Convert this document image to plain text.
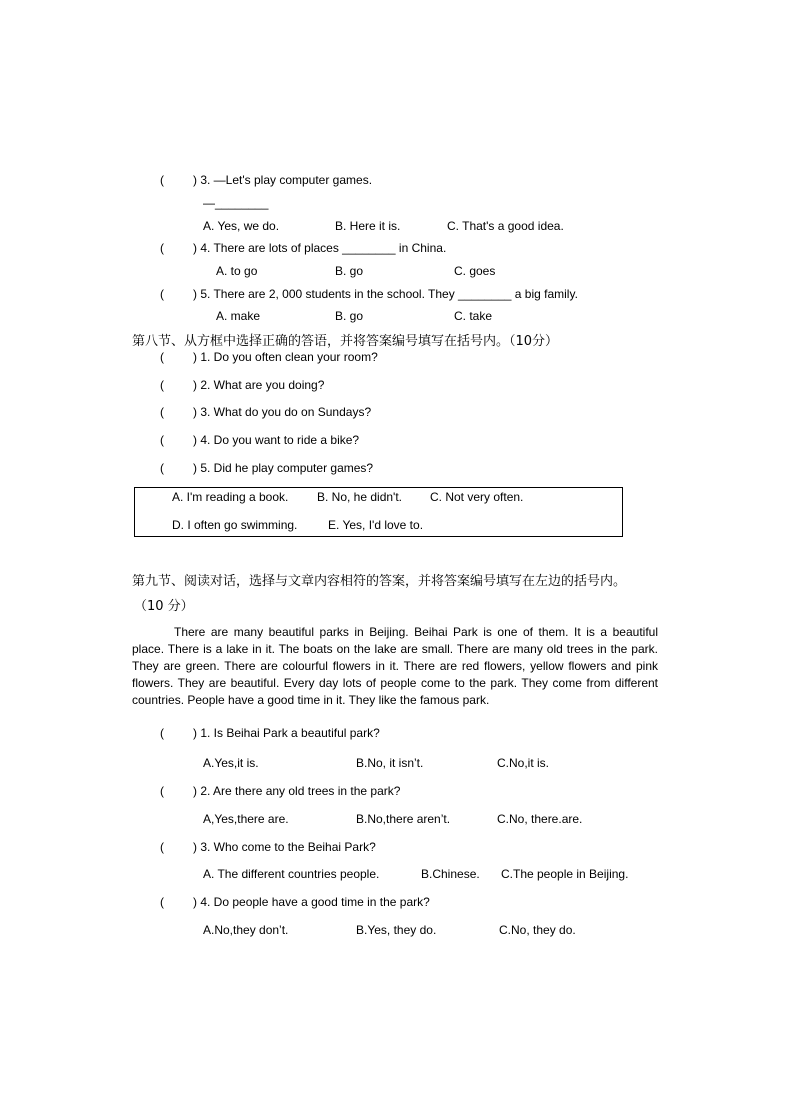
( ) 3. —Let's play computer games.
—________
A. Yes, we do.	B. Here it is.	C. That's a good idea.
( ) 4. There are lots of places ________ in China.
A. to go	B. go	C. goes
( ) 5. There are 2, 000 students in the school. They ________ a big family.
A. make	B. go	C. take
第八节、从方框中选择正确的答语，并将答案编号填写在括号内。（10分）
( ) 1. Do you often clean your room?
( ) 2. What are you doing?
( ) 3. What do you do on Sundays?
( ) 4. Do you want to ride a bike?
( ) 5. Did he play computer games?
A. I'm reading a book. B. No, he didn't. C. Not very often.
D. I often go swimming.	E. Yes, I'd love to.
第九节、阅读对话，选择与文章内容相符的答案，并将答案编号填写在左边的括号内。
（10 分）
There are many beautiful parks in Beijing. Beihai Park is one of them. It is a beautiful place. There is a lake in it. The boats on the lake are small. There are many old trees in the park. They are green. There are colourful flowers in it. There are red flowers, yellow flowers and pink flowers. They are beautiful. Every day lots of people come to the park. They come from different countries. People have a good time in it. They like the famous park.
( ) 1. Is Beihai Park a beautiful park?
A.Yes,it is.	B.No, it isn’t.	C.No,it is.
( ) 2. Are there any old trees in the park?
A,Yes,there are.	B.No,there aren’t.	C.No, there.are.
( ) 3. Who come to the Beihai Park?
A. The different countries people.	B.Chinese. C.The people in Beijing.
( ) 4. Do people have a good time in the park?
A.No,they don’t.	B.Yes, they do.	C.No, they do.
